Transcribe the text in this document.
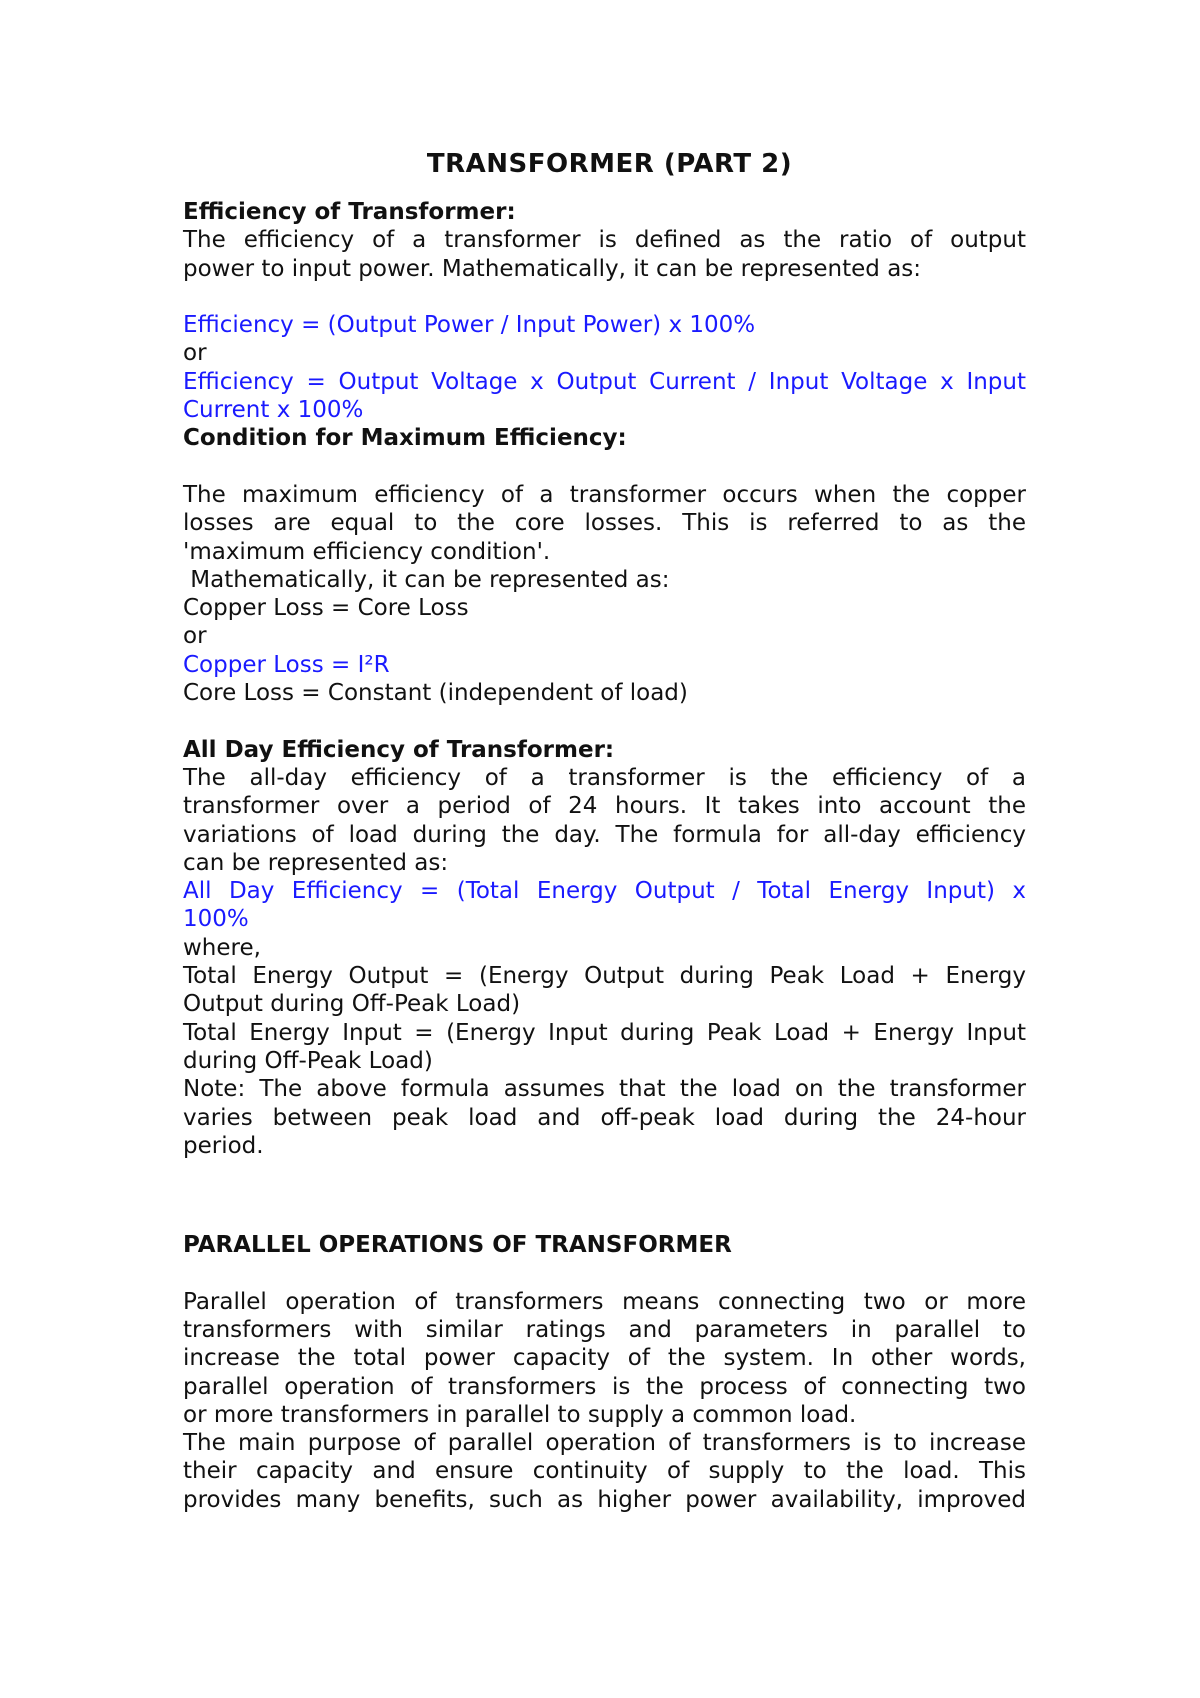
TRANSFORMER (PART 2)
Efficiency of Transformer:
The efficiency of a transformer is defined as the ratio of output
power to input power. Mathematically, it can be represented as:
Efficiency = (Output Power / Input Power) x 100%
or
Efficiency = Output Voltage x Output Current / Input Voltage x Input
Current x 100%
Condition for Maximum Efficiency:
The maximum efficiency of a transformer occurs when the copper
losses are equal to the core losses. This is referred to as the
'maximum efficiency condition'.
Mathematically, it can be represented as:
Copper Loss = Core Loss
or
Copper Loss = I²R
Core Loss = Constant (independent of load)
All Day Efficiency of Transformer:
The all-day efficiency of a transformer is the efficiency of a
transformer over a period of 24 hours. It takes into account the
variations of load during the day. The formula for all-day efficiency
can be represented as:
All Day Efficiency = (Total Energy Output / Total Energy Input) x
100%
where,
Total Energy Output = (Energy Output during Peak Load + Energy
Output during Off-Peak Load)
Total Energy Input = (Energy Input during Peak Load + Energy Input
during Off-Peak Load)
Note: The above formula assumes that the load on the transformer
varies between peak load and off-peak load during the 24-hour
period.
PARALLEL OPERATIONS OF TRANSFORMER
Parallel operation of transformers means connecting two or more
transformers with similar ratings and parameters in parallel to
increase the total power capacity of the system. In other words,
parallel operation of transformers is the process of connecting two
or more transformers in parallel to supply a common load.
The main purpose of parallel operation of transformers is to increase
their capacity and ensure continuity of supply to the load. This
provides many benefits, such as higher power availability, improved
